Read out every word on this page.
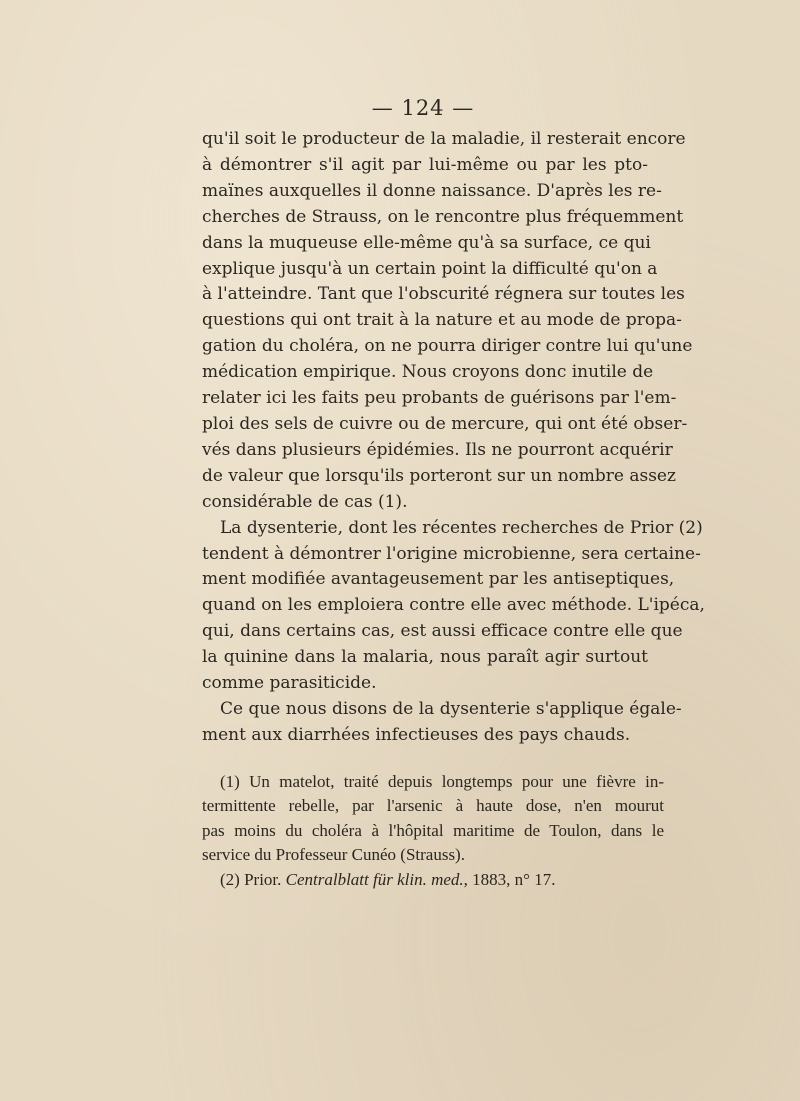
— 124 —
qu'il soit le producteur de la maladie, il resterait encore
à démontrer s'il agit par lui-même ou par les pto-
maïnes auxquelles il donne naissance. D'après les re-
cherches de Strauss, on le rencontre plus fréquemment
dans la muqueuse elle-même qu'à sa surface, ce qui
explique jusqu'à un certain point la difficulté qu'on a
à l'atteindre. Tant que l'obscurité régnera sur toutes les
questions qui ont trait à la nature et au mode de propa-
gation du choléra, on ne pourra diriger contre lui qu'une
médication empirique. Nous croyons donc inutile de
relater ici les faits peu probants de guérisons par l'em-
ploi des sels de cuivre ou de mercure, qui ont été obser-
vés dans plusieurs épidémies. Ils ne pourront acquérir
de valeur que lorsqu'ils porteront sur un nombre assez
considérable de cas (1).
La dysenterie, dont les récentes recherches de Prior (2)
tendent à démontrer l'origine microbienne, sera certaine-
ment modifiée avantageusement par les antiseptiques,
quand on les emploiera contre elle avec méthode. L'ipéca,
qui, dans certains cas, est aussi efficace contre elle que
la quinine dans la malaria, nous paraît agir surtout
comme parasiticide.
Ce que nous disons de la dysenterie s'applique égale-
ment aux diarrhées infectieuses des pays chauds.
(1) Un matelot, traité depuis longtemps pour une fièvre in-
termittente rebelle, par l'arsenic à haute dose, n'en mourut
pas moins du choléra à l'hôpital maritime de Toulon, dans le
service du Professeur Cunéo (Strauss).
(2) Prior. Centralblatt für klin. med., 1883, n° 17.
